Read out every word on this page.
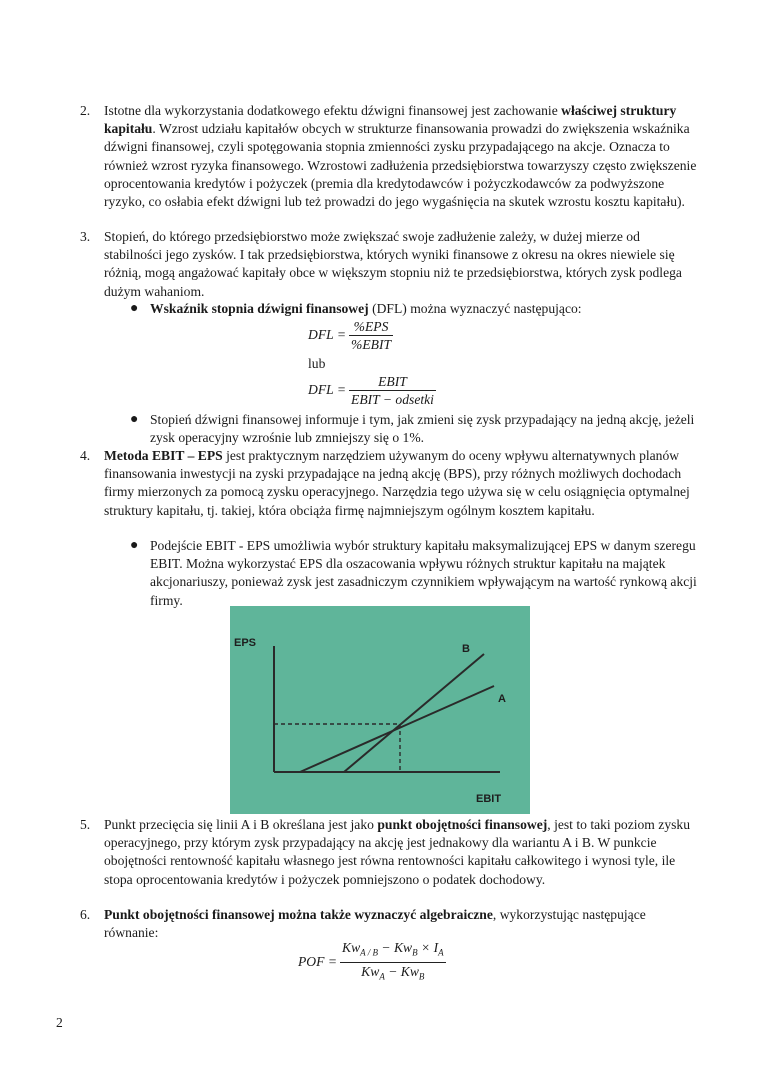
2.	Istotne dla wykorzystania dodatkowego efektu dźwigni finansowej jest zachowanie właściwej struktury kapitału. Wzrost udziału kapitałów obcych w strukturze finansowania prowadzi do zwiększenia wskaźnika dźwigni finansowej, czyli spotęgowania stopnia zmienności zysku przypadającego na akcje. Oznacza to również wzrost ryzyka finansowego. Wzrostowi zadłużenia przedsiębiorstwa towarzyszy często zwiększenie oprocentowania kredytów i pożyczek (premia dla kredytodawców i pożyczkodawców za podwyższone ryzyko, co osłabia efekt dźwigni lub też prowadzi do jego wygaśnięcia na skutek wzrostu kosztu kapitału).
3.	Stopień, do którego przedsiębiorstwo może zwiększać swoje zadłużenie zależy, w dużej mierze od stabilności jego zysków. I tak przedsiębiorstwa, których wyniki finansowe z okresu na okres niewiele się różnią, mogą angażować kapitały obce w większym stopniu niż te przedsiębiorstwa, których zysk podlega dużym wahaniom.
● Wskaźnik stopnia dźwigni finansowej (DFL) można wyznaczyć następująco:
DFL = $\frac{\text{\%EPS}}{\text{\%EBIT}}$
lub
DFL = $\frac{\text{EBIT}}{\text{EBIT − odsetki}}$
● Stopień dźwigni finansowej informuje i tym, jak zmieni się zysk przypadający na jedną akcję, jeżeli zysk operacyjny wzrośnie lub zmniejszy się o 1%.
4.	Metoda EBIT – EPS jest praktycznym narzędziem używanym do oceny wpływu alternatywnych planów finansowania inwestycji na zyski przypadające na jedną akcję (BPS), przy różnych możliwych dochodach firmy mierzonych za pomocą zysku operacyjnego. Narzędzia tego używa się w celu osiągnięcia optymalnej struktury kapitału, tj. takiej, która obciąża firmę najmniejszym ogólnym kosztem kapitału.
● Podejście EBIT - EPS umożliwia wybór struktury kapitału maksymalizującej EPS w danym szeregu EBIT. Można wykorzystać EPS dla oszacowania wpływu różnych struktur kapitału na majątek akcjonariuszy, ponieważ zysk jest zasadniczym czynnikiem wpływającym na wartość rynkową akcji firmy.
EPS
EBIT
B
A
5.	Punkt przecięcia się linii A i B określana jest jako punkt obojętności finansowej, jest to taki poziom zysku operacyjnego, przy którym zysk przypadający na akcję jest jednakowy dla wariantu A i B. W punkcie obojętności rentowność kapitału własnego jest równa rentowności kapitału całkowitego i wynosi tyle, ile stopa oprocentowania kredytów i pożyczek pomniejszono o podatek dochodowy.
6.	Punkt obojętności finansowej można także wyznaczyć algebraiczne, wykorzystując następujące równanie:
POF = $\frac{Kw_{A / B} - Kw_B \times I_A}{Kw_A - Kw_B}$
2
